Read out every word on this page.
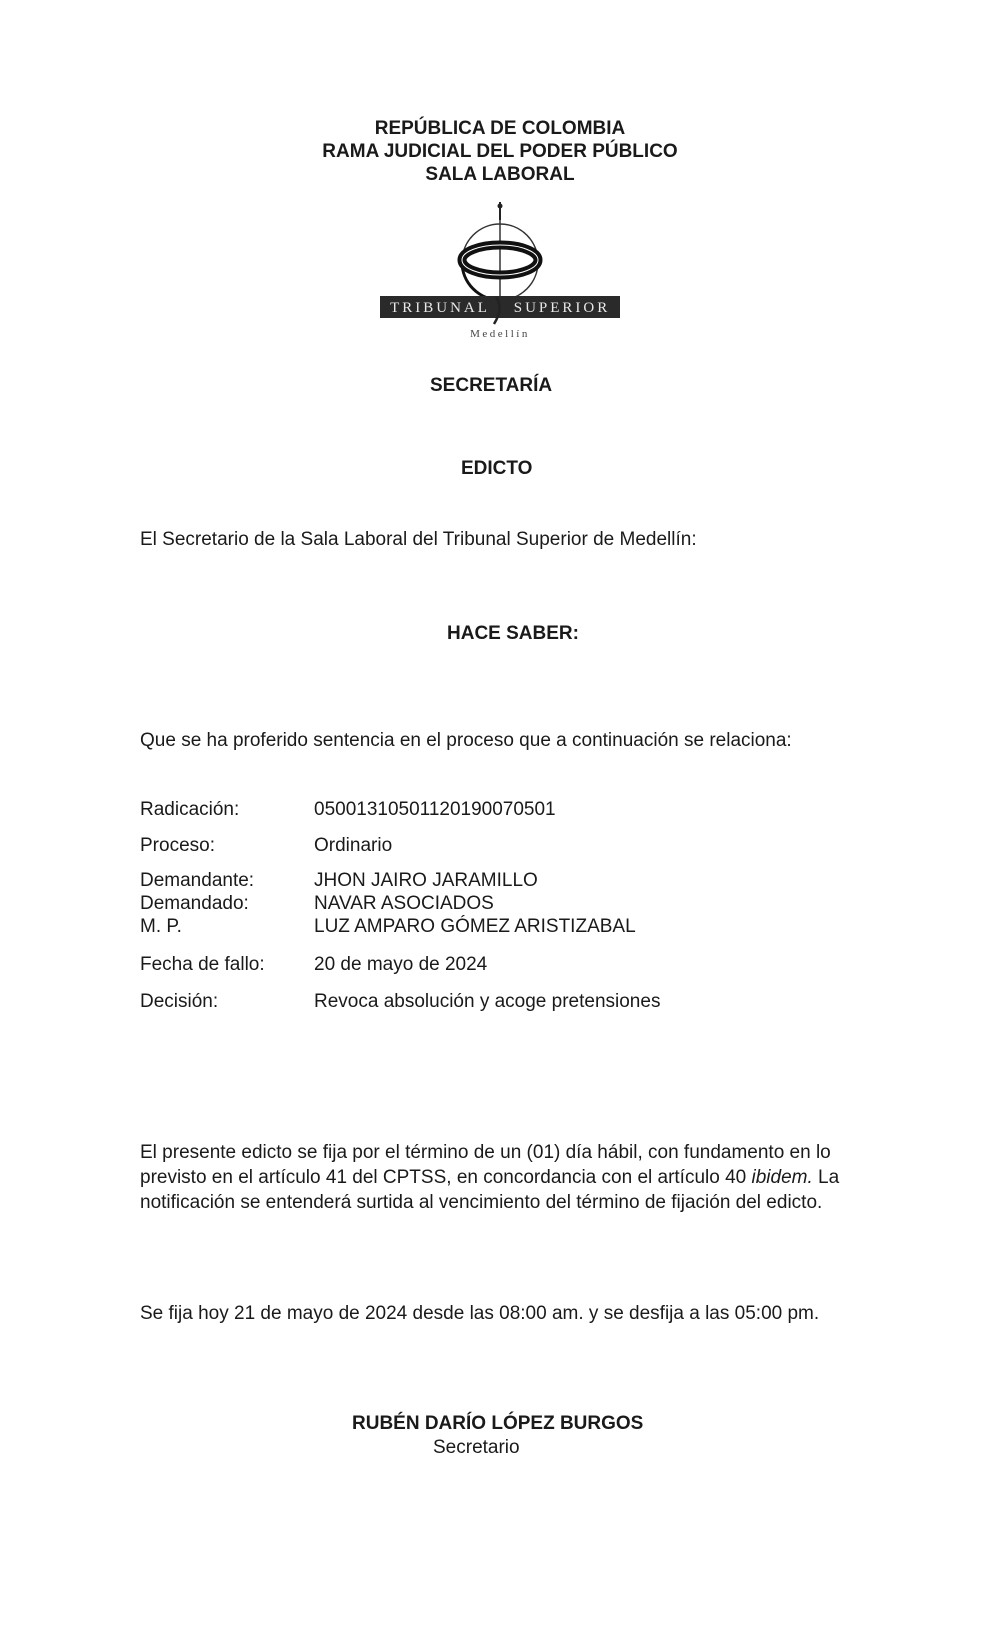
REPÚBLICA DE COLOMBIA
RAMA JUDICIAL DEL PODER PÚBLICO
SALA LABORAL
TRIBUNAL SUPERIOR
Medellín
SECRETARÍA
EDICTO
El Secretario de la Sala Laboral del Tribunal Superior de Medellín:
HACE SABER:
Que se ha proferido sentencia en el proceso que a continuación se relaciona:
Radicación:	05001310501120190070501
Proceso:	Ordinario
Demandante:	JHON JAIRO JARAMILLO
Demandado:	NAVAR ASOCIADOS
M. P.	LUZ AMPARO GÓMEZ ARISTIZABAL
Fecha de fallo:	20 de mayo de 2024
Decisión:	Revoca absolución y acoge pretensiones
El presente edicto se fija por el término de un (01) día hábil, con fundamento en lo previsto en el artículo 41 del CPTSS, en concordancia con el artículo 40 ibidem. La notificación se entenderá surtida al vencimiento del término de fijación del edicto.
Se fija hoy 21 de mayo de 2024 desde las 08:00 am. y se desfija a las 05:00 pm.
RUBÉN DARÍO LÓPEZ BURGOS
Secretario
